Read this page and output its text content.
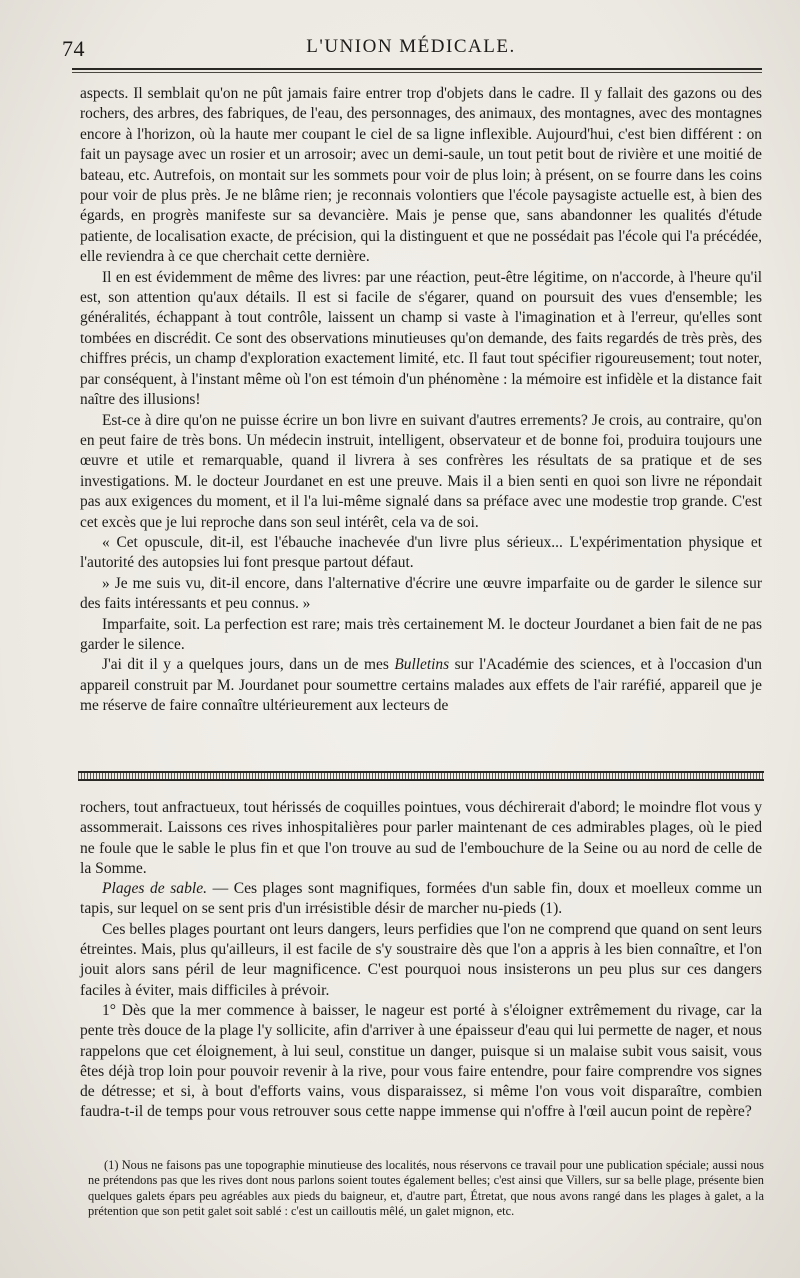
74	L'UNION MÉDICALE.

aspects. Il semblait qu'on ne pût jamais faire entrer trop d'objets dans le cadre. Il y fallait des gazons ou des rochers, des arbres, des fabriques, de l'eau, des personnages, des animaux, des montagnes, avec des montagnes encore à l'horizon, où la haute mer coupant le ciel de sa ligne inflexible. Aujourd'hui, c'est bien différent : on fait un paysage avec un rosier et un arrosoir; avec un demi-saule, un tout petit bout de rivière et une moitié de bateau, etc. Autrefois, on montait sur les sommets pour voir de plus loin; à présent, on se fourre dans les coins pour voir de plus près. Je ne blâme rien; je reconnais volontiers que l'école paysagiste actuelle est, à bien des égards, en progrès manifeste sur sa devancière. Mais je pense que, sans abandonner les qualités d'étude patiente, de localisation exacte, de précision, qui la distinguent et que ne possédait pas l'école qui l'a précédée, elle reviendra à ce que cherchait cette dernière.

Il en est évidemment de même des livres: par une réaction, peut-être légitime, on n'accorde, à l'heure qu'il est, son attention qu'aux détails. Il est si facile de s'égarer, quand on poursuit des vues d'ensemble; les généralités, échappant à tout contrôle, laissent un champ si vaste à l'imagination et à l'erreur, qu'elles sont tombées en discrédit. Ce sont des observations minutieuses qu'on demande, des faits regardés de très près, des chiffres précis, un champ d'exploration exactement limité, etc. Il faut tout spécifier rigoureusement; tout noter, par conséquent, à l'instant même où l'on est témoin d'un phénomène : la mémoire est infidèle et la distance fait naître des illusions!

Est-ce à dire qu'on ne puisse écrire un bon livre en suivant d'autres errements? Je crois, au contraire, qu'on en peut faire de très bons. Un médecin instruit, intelligent, observateur et de bonne foi, produira toujours une œuvre et utile et remarquable, quand il livrera à ses confrères les résultats de sa pratique et de ses investigations. M. le docteur Jourdanet en est une preuve. Mais il a bien senti en quoi son livre ne répondait pas aux exigences du moment, et il l'a lui-même signalé dans sa préface avec une modestie trop grande. C'est cet excès que je lui reproche dans son seul intérêt, cela va de soi.

« Cet opuscule, dit-il, est l'ébauche inachevée d'un livre plus sérieux... L'expérimentation physique et l'autorité des autopsies lui font presque partout défaut.

» Je me suis vu, dit-il encore, dans l'alternative d'écrire une œuvre imparfaite ou de garder le silence sur des faits intéressants et peu connus. »

Imparfaite, soit. La perfection est rare; mais très certainement M. le docteur Jourdanet a bien fait de ne pas garder le silence.

J'ai dit il y a quelques jours, dans un de mes Bulletins sur l'Académie des sciences, et à l'occasion d'un appareil construit par M. Jourdanet pour soumettre certains malades aux effets de l'air raréfié, appareil que je me réserve de faire connaître ultérieurement aux lecteurs de

rochers, tout anfractueux, tout hérissés de coquilles pointues, vous déchirerait d'abord; le moindre flot vous y assommerait. Laissons ces rives inhospitalières pour parler maintenant de ces admirables plages, où le pied ne foule que le sable le plus fin et que l'on trouve au sud de l'embouchure de la Seine ou au nord de celle de la Somme.

Plages de sable. — Ces plages sont magnifiques, formées d'un sable fin, doux et moelleux comme un tapis, sur lequel on se sent pris d'un irrésistible désir de marcher nu-pieds (1).

Ces belles plages pourtant ont leurs dangers, leurs perfidies que l'on ne comprend que quand on sent leurs étreintes. Mais, plus qu'ailleurs, il est facile de s'y soustraire dès que l'on a appris à les bien connaître, et l'on jouit alors sans péril de leur magnificence. C'est pourquoi nous insisterons un peu plus sur ces dangers faciles à éviter, mais difficiles à prévoir.

1° Dès que la mer commence à baisser, le nageur est porté à s'éloigner extrêmement du rivage, car la pente très douce de la plage l'y sollicite, afin d'arriver à une épaisseur d'eau qui lui permette de nager, et nous rappelons que cet éloignement, à lui seul, constitue un danger, puisque si un malaise subit vous saisit, vous êtes déjà trop loin pour pouvoir revenir à la rive, pour vous faire entendre, pour faire comprendre vos signes de détresse; et si, à bout d'efforts vains, vous disparaissez, si même l'on vous voit disparaître, combien faudra-t-il de temps pour vous retrouver sous cette nappe immense qui n'offre à l'œil aucun point de repère?

(1) Nous ne faisons pas une topographie minutieuse des localités, nous réservons ce travail pour une publication spéciale; aussi nous ne prétendons pas que les rives dont nous parlons soient toutes également belles; c'est ainsi que Villers, sur sa belle plage, présente bien quelques galets épars peu agréables aux pieds du baigneur, et, d'autre part, Étretat, que nous avons rangé dans les plages à galet, a la prétention que son petit galet soit sablé : c'est un cailloutis mêlé, un galet mignon, etc.
